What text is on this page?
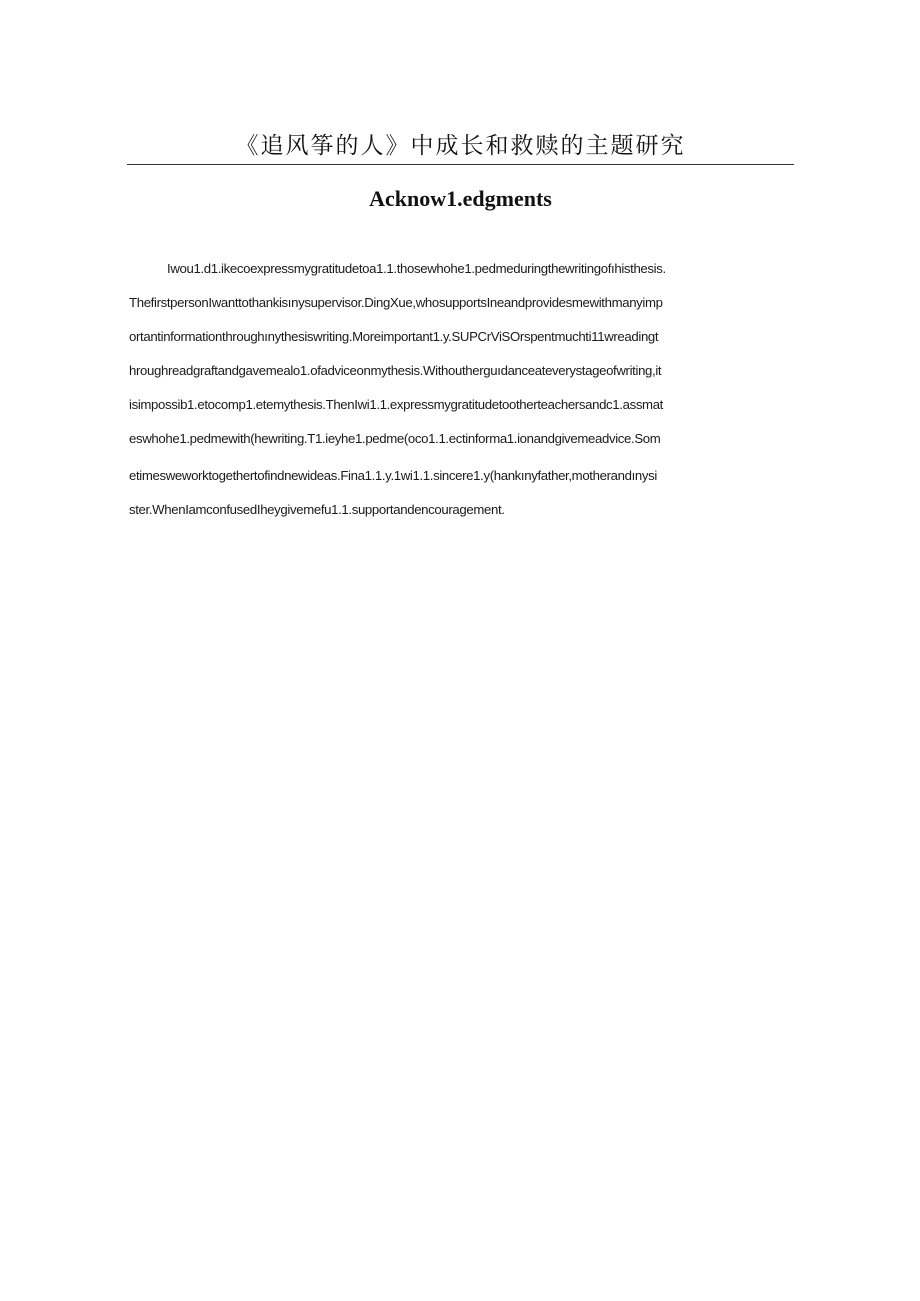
《追风筝的人》中成长和救赎的主题研究
Acknow1.edgments
Iwou1.d1.ikecoexpressmygratitudetoa1.1.thosewhohe1.pedmeduringthewritingofıhisthesis.
ThefirstpersonIwanttothankisınysupervisor.DingXue,whosupportsIneandprovidesmewithmanyimp
ortantinformationthroughınythesiswriting.Moreimportant1.y.SUPCrViSOrspentmuchti11wreadingt
hroughreadgraftandgavemealo1.ofadviceonmythesis.Withoutherguıdanceateverystageofwriting,it
isimpossib1.etocomp1.etemythesis.ThenIwi1.1.expressmygratitudetootherteachersandc1.assmat
eswhohe1.pedmewith(hewriting.T1.ieyhe1.pedme(oco1.1.ectinforma1.ionandgivemeadvice.Som
etimesweworktogethertofindnewideas.Fina1.1.y.1wi1.1.sincere1.y(hankınyfather,motherandınysi
ster.WhenIamconfusedIheygivemefu1.1.supportandencouragement.
